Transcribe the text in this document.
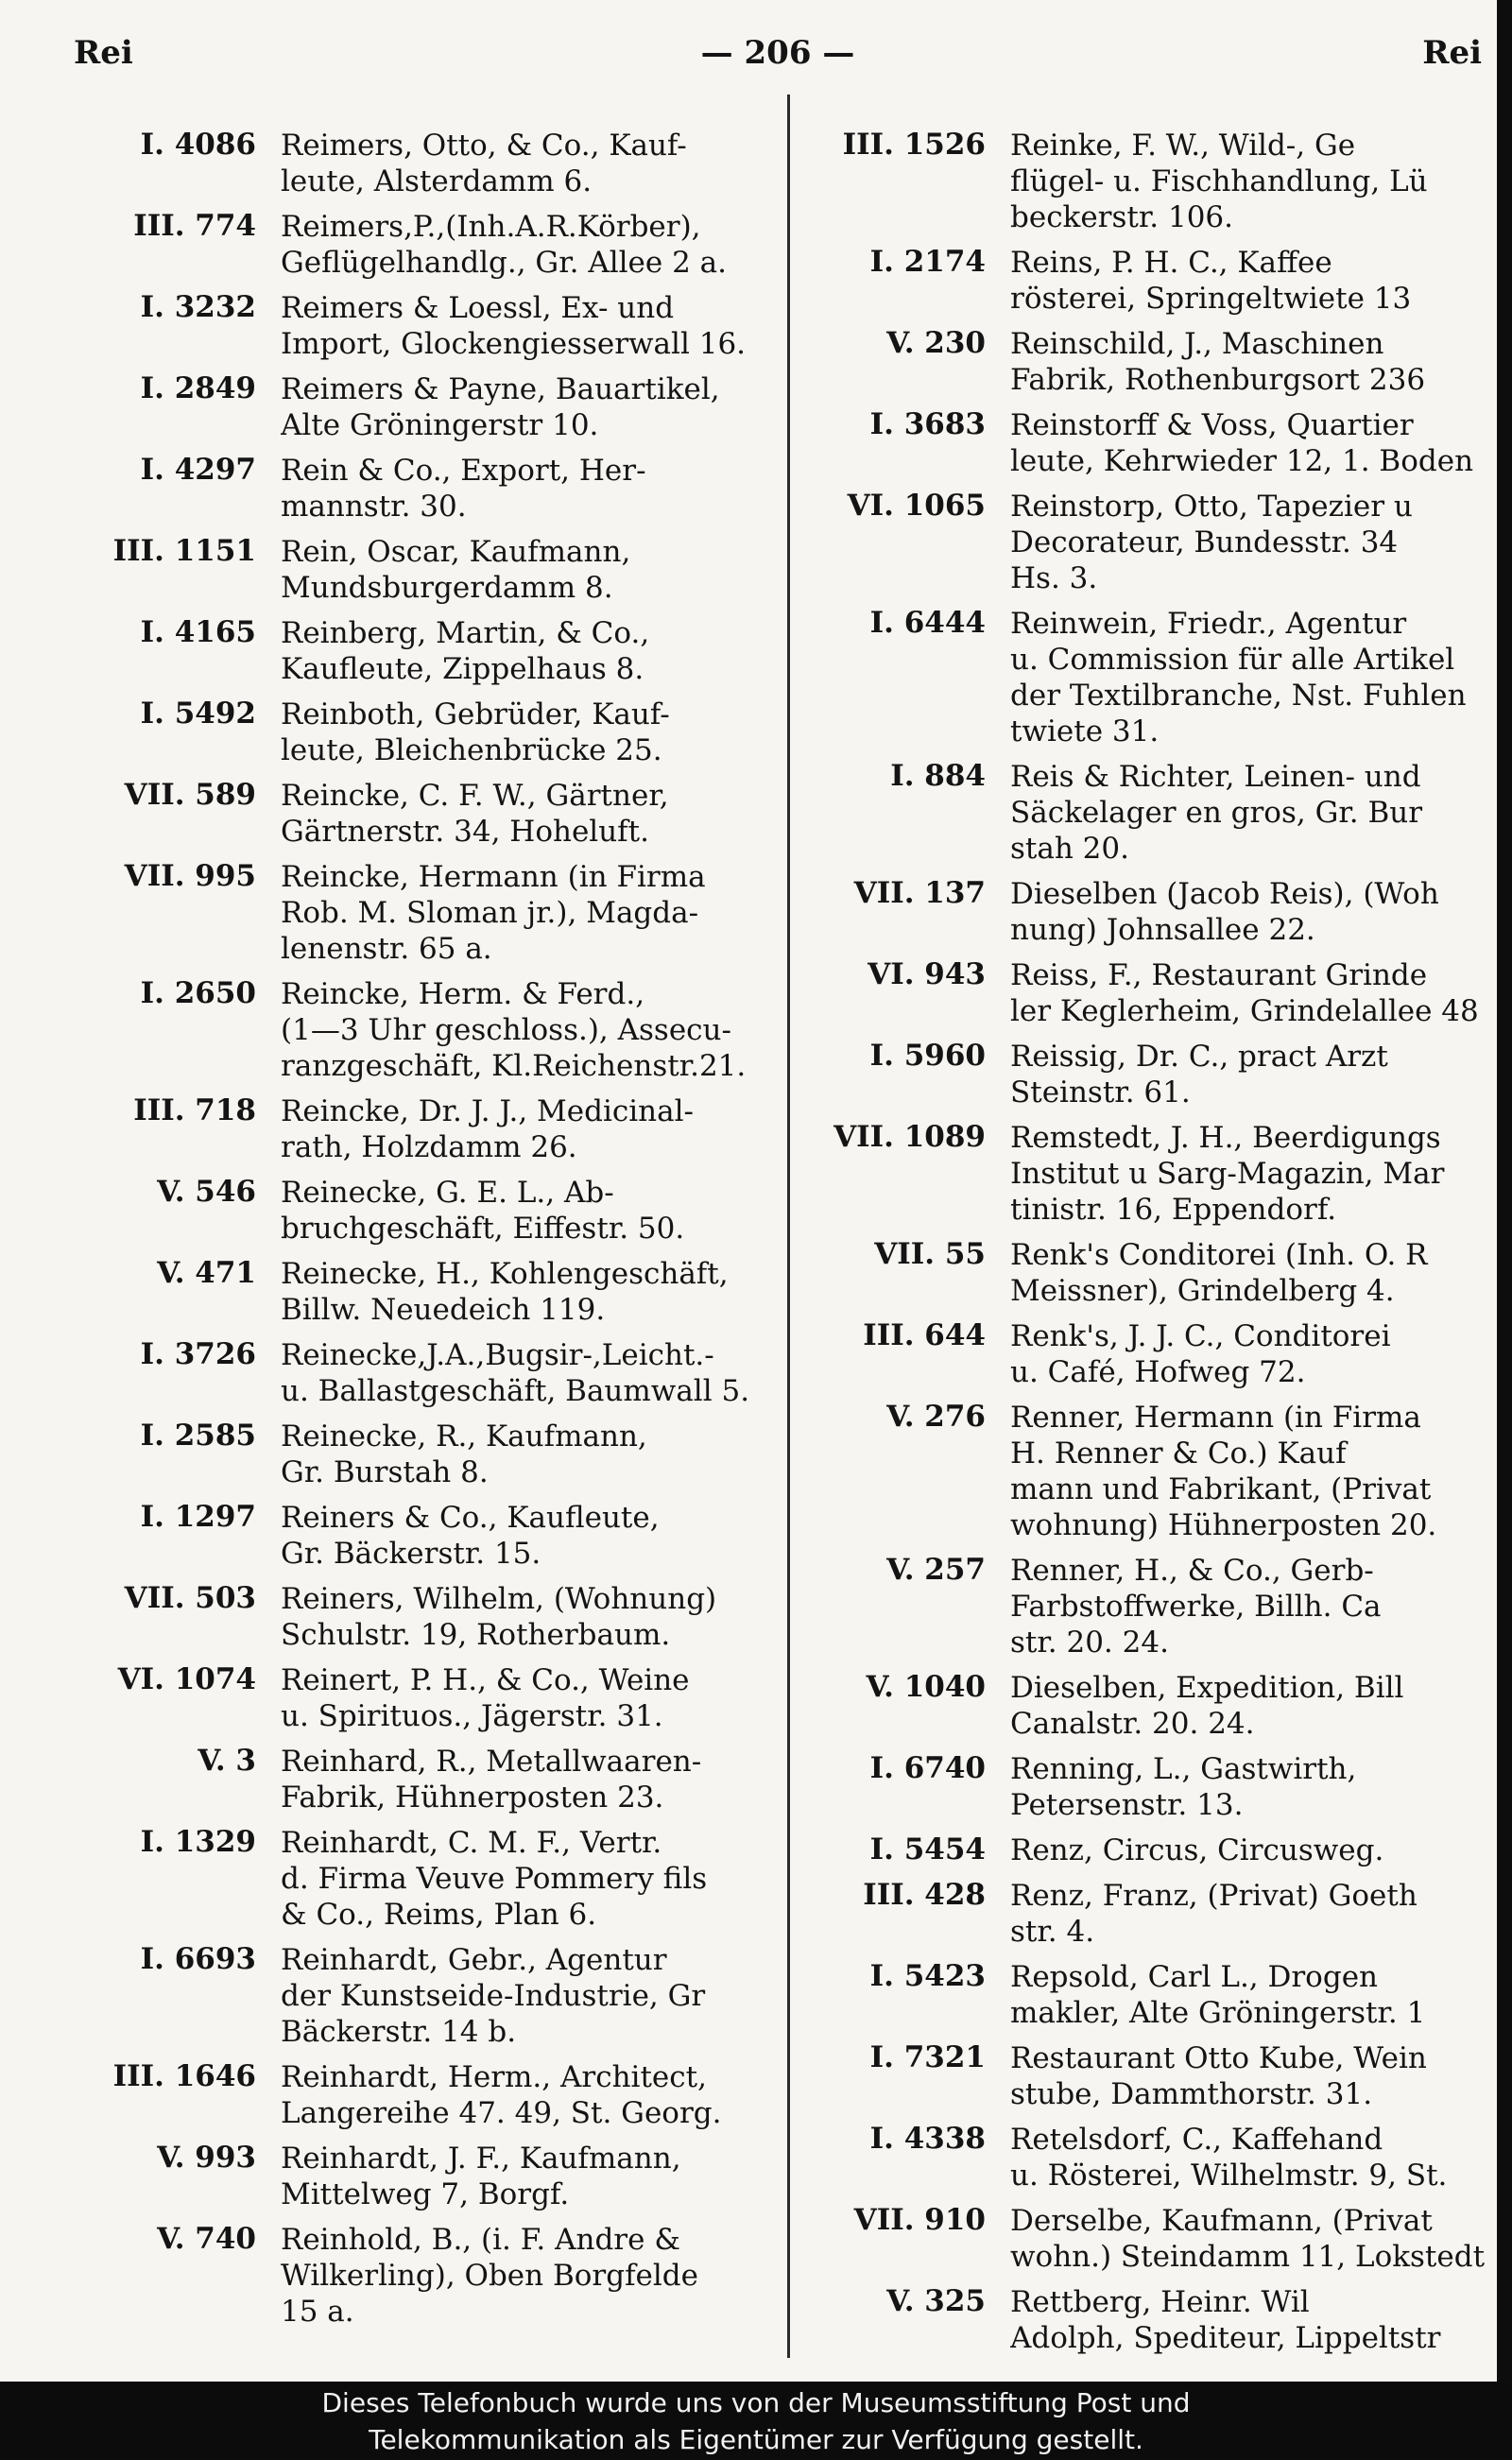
Rei	— 206 —	Rei
I. 4086 Reimers, Otto, & Co., Kauf-
leute, Alsterdamm 6.
III. 774 Reimers,P.,(Inh.A.R.Körber),
Geflügelhandlg., Gr. Allee 2 a.
I. 3232 Reimers & Loessl, Ex- und
Import, Glockengiesserwall 16.
I. 2849 Reimers & Payne, Bauartikel,
Alte Gröningerstr 10.
I. 4297 Rein & Co., Export, Her-
mannstr. 30.
III. 1151 Rein, Oscar, Kaufmann,
Mundsburgerdamm 8.
I. 4165 Reinberg, Martin, & Co.,
Kaufleute, Zippelhaus 8.
I. 5492 Reinboth, Gebrüder, Kauf-
leute, Bleichenbrücke 25.
VII. 589 Reincke, C. F. W., Gärtner,
Gärtnerstr. 34, Hoheluft.
VII. 995 Reincke, Hermann (in Firma
Rob. M. Sloman jr.), Magda-
lenenstr. 65 a.
I. 2650 Reincke, Herm. & Ferd.,
(1—3 Uhr geschloss.), Assecu-
ranzgeschäft, Kl.Reichenstr.21.
III. 718 Reincke, Dr. J. J., Medicinal-
rath, Holzdamm 26.
V. 546 Reinecke, G. E. L., Ab-
bruchgeschäft, Eiffestr. 50.
V. 471 Reinecke, H., Kohlengeschäft,
Billw. Neuedeich 119.
I. 3726 Reinecke,J.A.,Bugsir-,Leicht.-
u. Ballastgeschäft, Baumwall 5.
I. 2585 Reinecke, R., Kaufmann,
Gr. Burstah 8.
I. 1297 Reiners & Co., Kaufleute,
Gr. Bäckerstr. 15.
VII. 503 Reiners, Wilhelm, (Wohnung)
Schulstr. 19, Rotherbaum.
VI. 1074 Reinert, P. H., & Co., Weine
u. Spirituos., Jägerstr. 31.
V. 3 Reinhard, R., Metallwaaren-
Fabrik, Hühnerposten 23.
I. 1329 Reinhardt, C. M. F., Vertr.
d. Firma Veuve Pommery fils
& Co., Reims, Plan 6.
I. 6693 Reinhardt, Gebr., Agentur
der Kunstseide-Industrie, Gr
Bäckerstr. 14 b.
III. 1646 Reinhardt, Herm., Architect,
Langereihe 47. 49, St. Georg.
V. 993 Reinhardt, J. F., Kaufmann,
Mittelweg 7, Borgf.
V. 740 Reinhold, B., (i. F. Andre &
Wilkerling), Oben Borgfelde
15 a.
III. 1526 Reinke, F. W., Wild-, Ge
flügel- u. Fischhandlung, Lü
beckerstr. 106.
I. 2174 Reins, P. H. C., Kaffee
rösterei, Springeltwiete 13
V. 230 Reinschild, J., Maschinen
Fabrik, Rothenburgsort 236
I. 3683 Reinstorff & Voss, Quartier
leute, Kehrwieder 12, 1. Boden
VI. 1065 Reinstorp, Otto, Tapezier u
Decorateur, Bundesstr. 34
Hs. 3.
I. 6444 Reinwein, Friedr., Agentur
u. Commission für alle Artikel
der Textilbranche, Nst. Fuhlen
twiete 31.
I. 884 Reis & Richter, Leinen- und
Säckelager en gros, Gr. Bur
stah 20.
VII. 137 Dieselben (Jacob Reis), (Woh
nung) Johnsallee 22.
VI. 943 Reiss, F., Restaurant Grinde
ler Keglerheim, Grindelallee 48
I. 5960 Reissig, Dr. C., pract Arzt
Steinstr. 61.
VII. 1089 Remstedt, J. H., Beerdigungs
Institut u Sarg-Magazin, Mar
tinistr. 16, Eppendorf.
VII. 55 Renk's Conditorei (Inh. O. R
Meissner), Grindelberg 4.
III. 644 Renk's, J. J. C., Conditorei
u. Café, Hofweg 72.
V. 276 Renner, Hermann (in Firma
H. Renner & Co.) Kauf
mann und Fabrikant, (Privat
wohnung) Hühnerposten 20.
V. 257 Renner, H., & Co., Gerb-
Farbstoffwerke, Billh. Ca
str. 20. 24.
V. 1040 Dieselben, Expedition, Bill
Canalstr. 20. 24.
I. 6740 Renning, L., Gastwirth,
Petersenstr. 13.
I. 5454 Renz, Circus, Circusweg.
III. 428 Renz, Franz, (Privat) Goeth
str. 4.
I. 5423 Repsold, Carl L., Drogen
makler, Alte Gröningerstr. 1
I. 7321 Restaurant Otto Kube, Wein
stube, Dammthorstr. 31.
I. 4338 Retelsdorf, C., Kaffehand
u. Rösterei, Wilhelmstr. 9, St.
VII. 910 Derselbe, Kaufmann, (Privat
wohn.) Steindamm 11, Lokstedt
V. 325 Rettberg, Heinr. Wil
Adolph, Spediteur, Lippeltstr
Dieses Telefonbuch wurde uns von der Museumsstiftung Post und
Telekommunikation als Eigentümer zur Verfügung gestellt.
